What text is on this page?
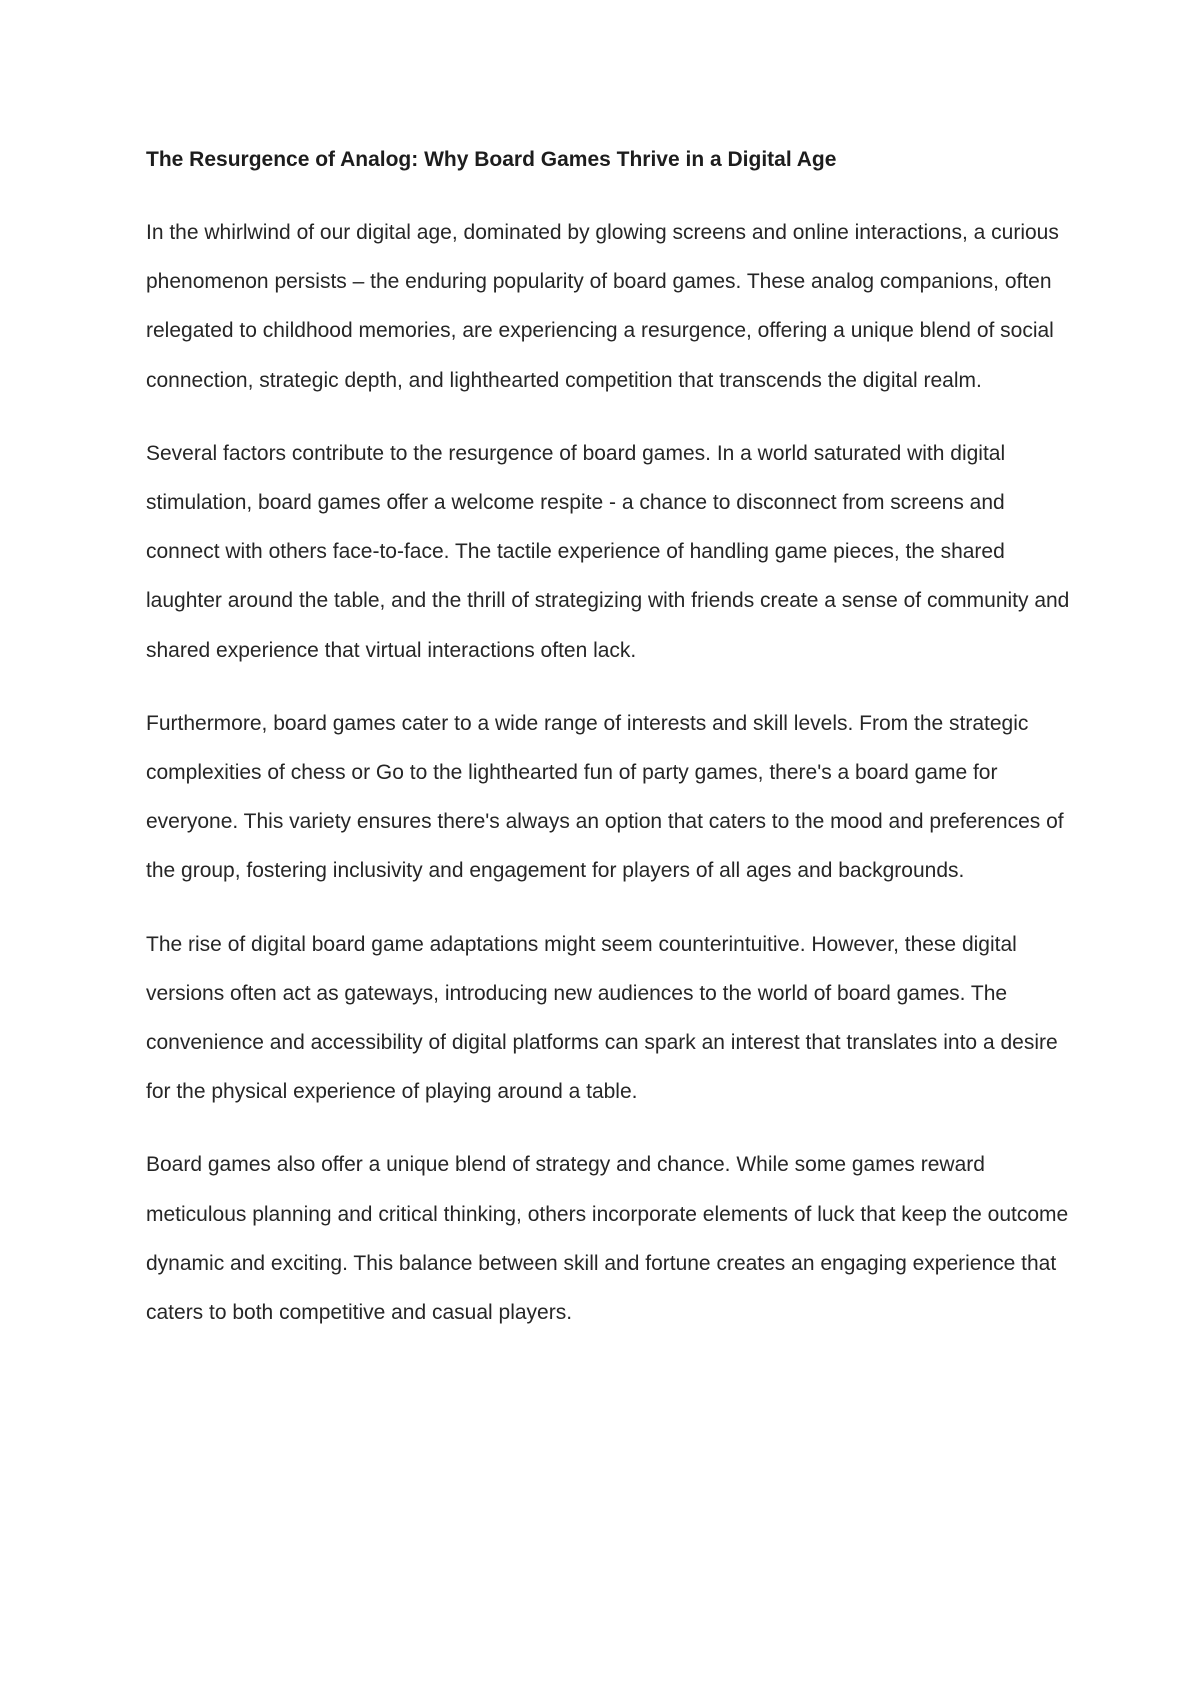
The Resurgence of Analog: Why Board Games Thrive in a Digital Age

In the whirlwind of our digital age, dominated by glowing screens and online interactions, a curious phenomenon persists – the enduring popularity of board games. These analog companions, often relegated to childhood memories, are experiencing a resurgence, offering a unique blend of social connection, strategic depth, and lighthearted competition that transcends the digital realm.

Several factors contribute to the resurgence of board games. In a world saturated with digital stimulation, board games offer a welcome respite - a chance to disconnect from screens and connect with others face-to-face. The tactile experience of handling game pieces, the shared laughter around the table, and the thrill of strategizing with friends create a sense of community and shared experience that virtual interactions often lack.

Furthermore, board games cater to a wide range of interests and skill levels. From the strategic complexities of chess or Go to the lighthearted fun of party games, there's a board game for everyone. This variety ensures there's always an option that caters to the mood and preferences of the group, fostering inclusivity and engagement for players of all ages and backgrounds.

The rise of digital board game adaptations might seem counterintuitive. However, these digital versions often act as gateways, introducing new audiences to the world of board games. The convenience and accessibility of digital platforms can spark an interest that translates into a desire for the physical experience of playing around a table.

Board games also offer a unique blend of strategy and chance. While some games reward meticulous planning and critical thinking, others incorporate elements of luck that keep the outcome dynamic and exciting. This balance between skill and fortune creates an engaging experience that caters to both competitive and casual players.
